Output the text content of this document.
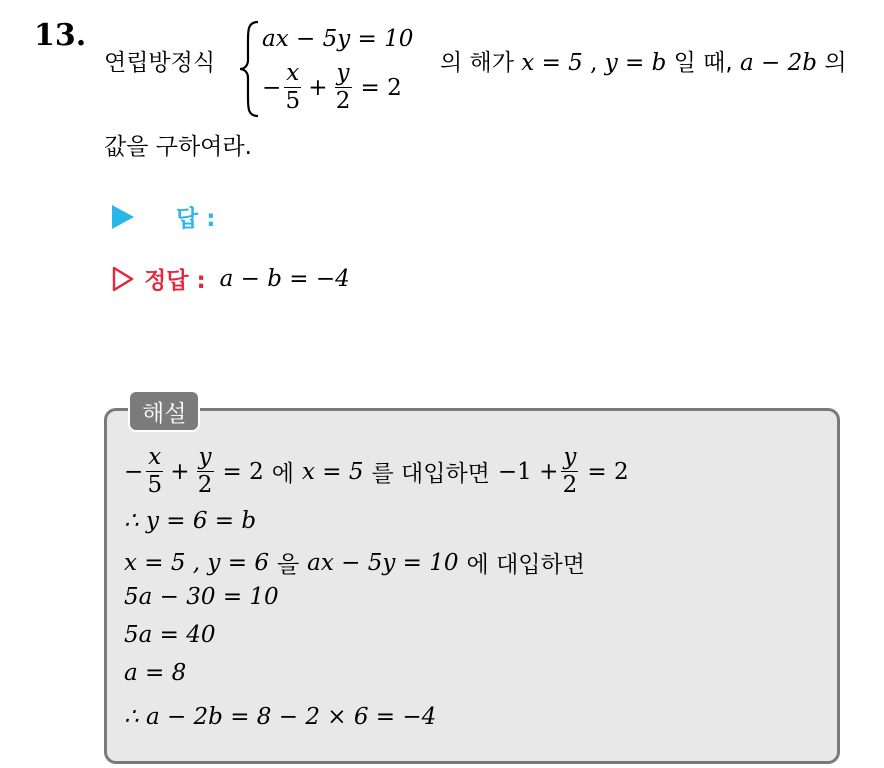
13.
연립방정식
ax − 5y = 10
− $\frac{x}{5} + \frac{y}{2} = 2$
의 해가 x = 5 , y = b 일 때, a − 2b 의
값을 구하여라.
답 :
정답 : a − b = −4
해설
− $\frac{x}{5} + \frac{y}{2} = 2$ 에 x = 5 를 대입하면 $-1 + \frac{y}{2} = 2$
∴ y = 6 = b
x = 5 , y = 6 을 ax − 5y = 10 에 대입하면
5a − 30 = 10
5a = 40
a = 8
∴ a − 2b = 8 − 2 × 6 = −4
